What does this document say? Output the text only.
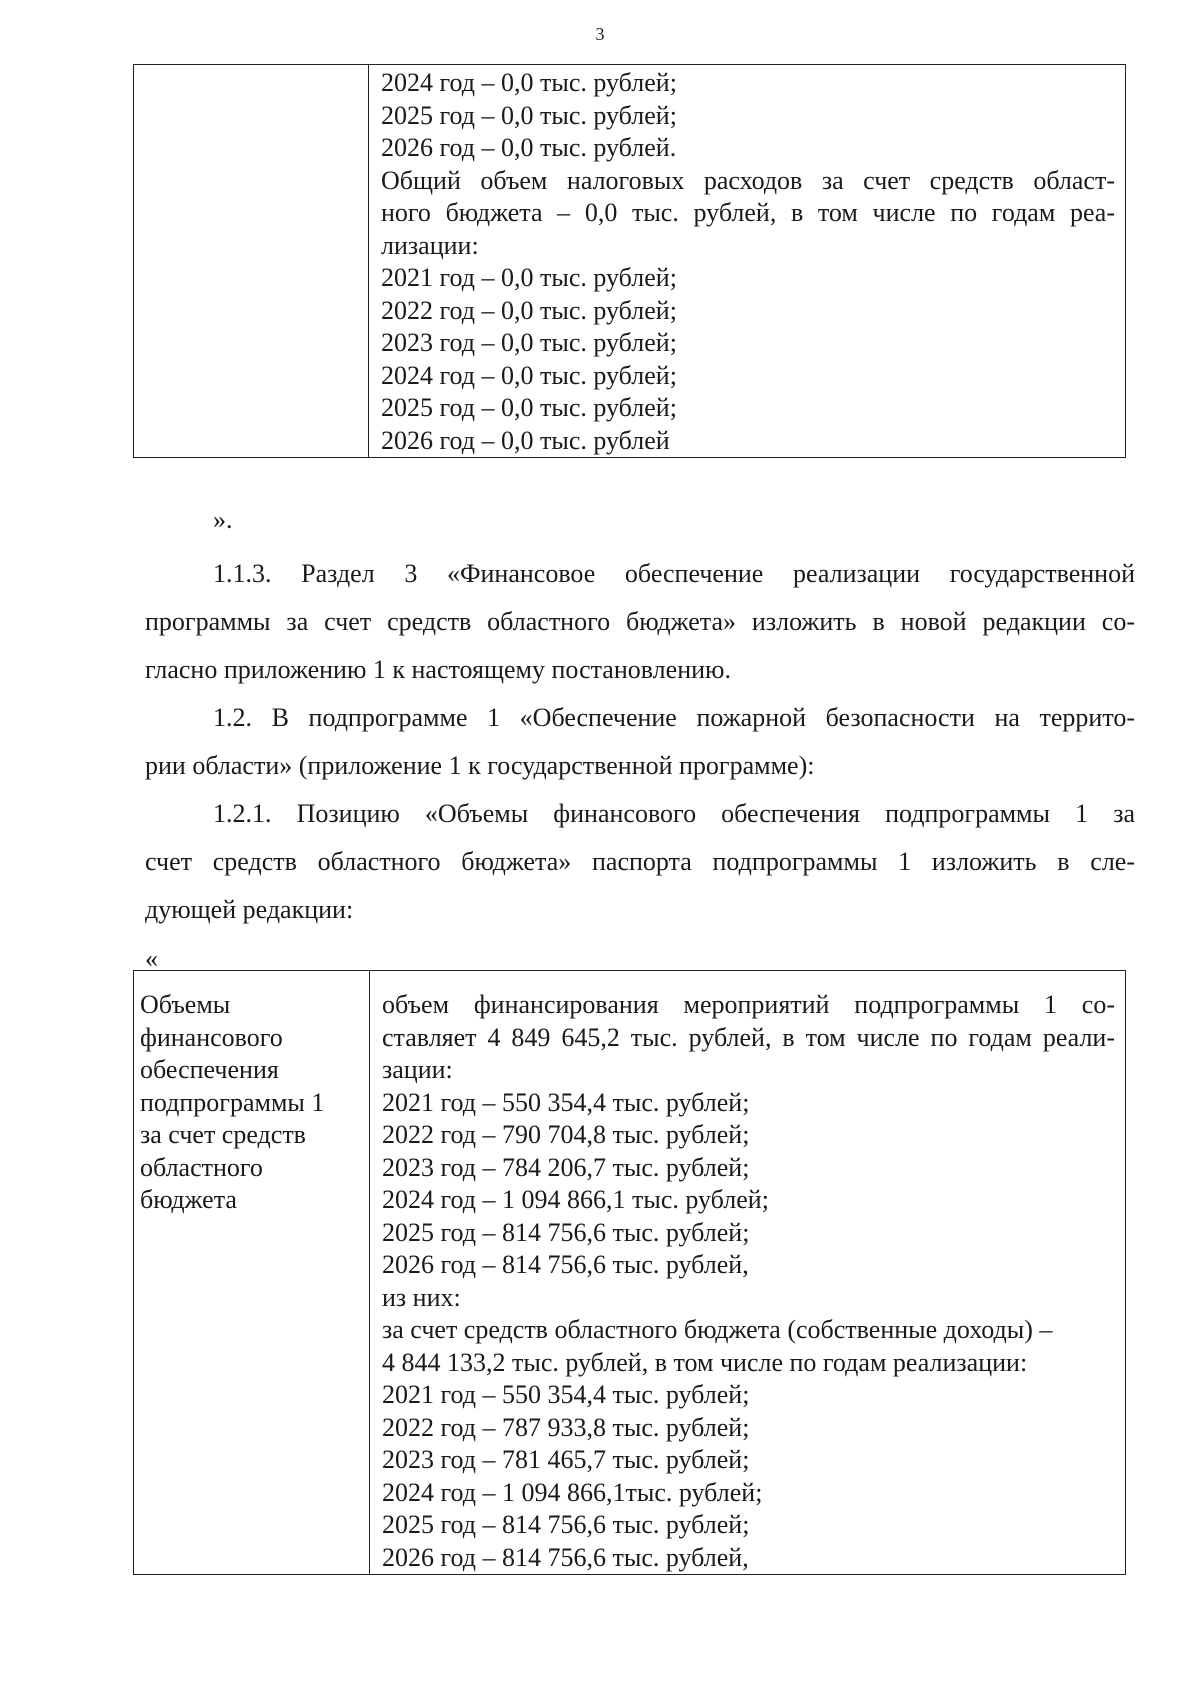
3

2024 год – 0,0 тыс. рублей;
2025 год – 0,0 тыс. рублей;
2026 год – 0,0 тыс. рублей.
Общий объем налоговых расходов за счет средств област-
ного бюджета – 0,0 тыс. рублей, в том числе по годам реа-
лизации:
2021 год – 0,0 тыс. рублей;
2022 год – 0,0 тыс. рублей;
2023 год – 0,0 тыс. рублей;
2024 год – 0,0 тыс. рублей;
2025 год – 0,0 тыс. рублей;
2026 год – 0,0 тыс. рублей
».
1.1.3. Раздел 3 «Финансовое обеспечение реализации государственной
программы за счет средств областного бюджета» изложить в новой редакции со-
гласно приложению 1 к настоящему постановлению.
1.2. В подпрограмме 1 «Обеспечение пожарной безопасности на террито-
рии области» (приложение 1 к государственной программе):
1.2.1. Позицию «Объемы финансового обеспечения подпрограммы 1 за
счет средств областного бюджета» паспорта подпрограммы 1 изложить в сле-
дующей редакции:
«
Объемы
финансового
обеспечения
подпрограммы 1
за счет средств
областного
бюджета

объем финансирования мероприятий подпрограммы 1 со-
ставляет 4 849 645,2 тыс. рублей, в том числе по годам реали-
зации:
2021 год – 550 354,4 тыс. рублей;
2022 год – 790 704,8 тыс. рублей;
2023 год – 784 206,7 тыс. рублей;
2024 год – 1 094 866,1 тыс. рублей;
2025 год – 814 756,6 тыс. рублей;
2026 год – 814 756,6 тыс. рублей,
из них:
за счет средств областного бюджета (собственные доходы) –
4 844 133,2 тыс. рублей, в том числе по годам реализации:
2021 год – 550 354,4 тыс. рублей;
2022 год – 787 933,8 тыс. рублей;
2023 год – 781 465,7 тыс. рублей;
2024 год – 1 094 866,1тыс. рублей;
2025 год – 814 756,6 тыс. рублей;
2026 год – 814 756,6 тыс. рублей,
